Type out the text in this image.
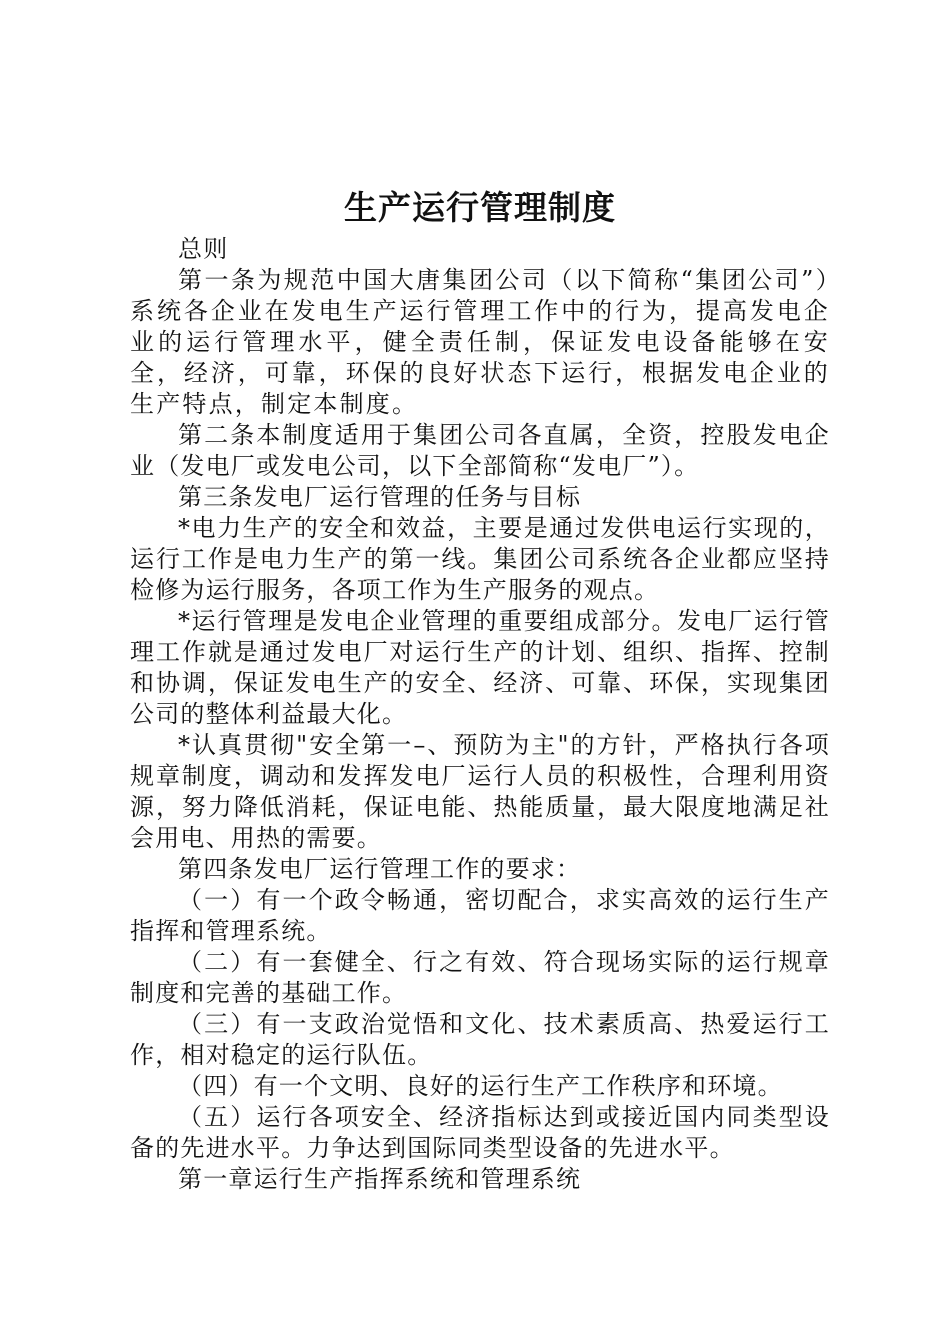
生产运行管理制度

总则

第一条为规范中国大唐集团公司（以下简称“集团公司”）系统各企业在发电生产运行管理工作中的行为，提高发电企业的运行管理水平，健全责任制，保证发电设备能够在安全，经济，可靠，环保的良好状态下运行，根据发电企业的生产特点，制定本制度。

第二条本制度适用于集团公司各直属，全资，控股发电企业（发电厂或发电公司，以下全部简称“发电厂”）。

第三条发电厂运行管理的任务与目标

*电力生产的安全和效益，主要是通过发供电运行实现的，运行工作是电力生产的第一线。集团公司系统各企业都应坚持检修为运行服务，各项工作为生产服务的观点。

*运行管理是发电企业管理的重要组成部分。发电厂运行管理工作就是通过发电厂对运行生产的计划、组织、指挥、控制和协调，保证发电生产的安全、经济、可靠、环保，实现集团公司的整体利益最大化。

*认真贯彻"安全第一–、预防为主"的方针，严格执行各项规章制度，调动和发挥发电厂运行人员的积极性，合理利用资源，努力降低消耗，保证电能、热能质量，最大限度地满足社会用电、用热的需要。

第四条发电厂运行管理工作的要求：

（一）有一个政令畅通，密切配合，求实高效的运行生产指挥和管理系统。

（二）有一套健全、行之有效、符合现场实际的运行规章制度和完善的基础工作。

（三）有一支政治觉悟和文化、技术素质高、热爱运行工作，相对稳定的运行队伍。

（四）有一个文明、良好的运行生产工作秩序和环境。

（五）运行各项安全、经济指标达到或接近国内同类型设备的先进水平。力争达到国际同类型设备的先进水平。

第一章运行生产指挥系统和管理系统
